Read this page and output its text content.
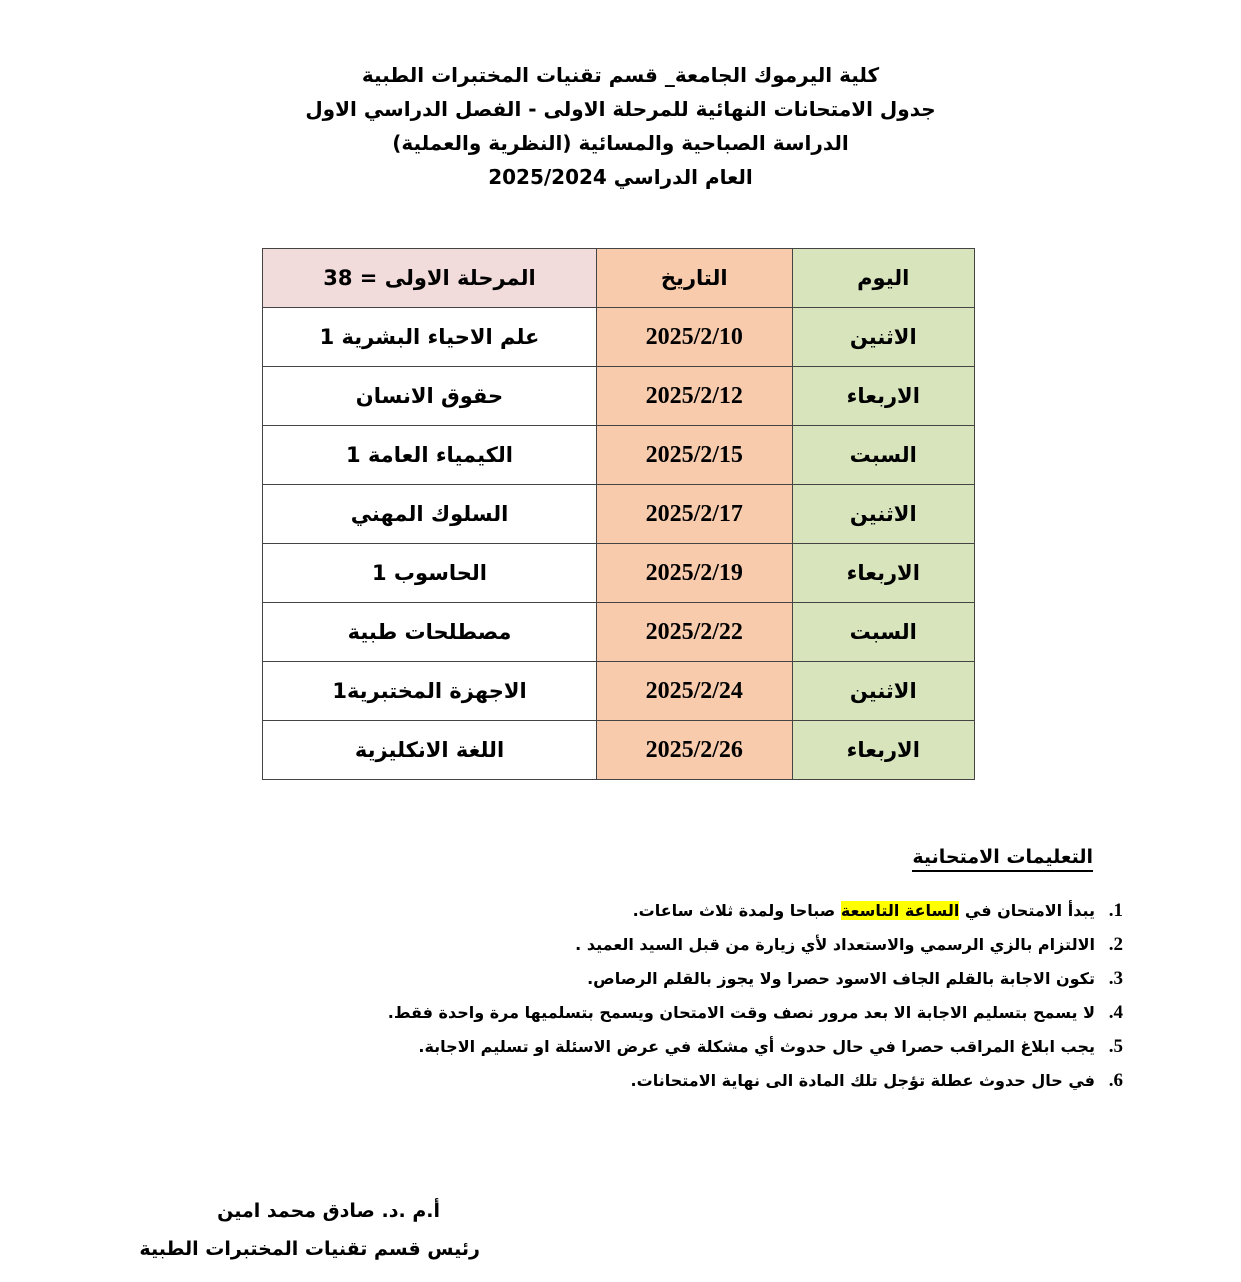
كلية اليرموك الجامعة_ قسم تقنيات المختبرات الطبية
جدول الامتحانات النهائية للمرحلة الاولى - الفصل الدراسي الاول
الدراسة الصباحية والمسائية (النظرية والعملية)
العام الدراسي 2025/2024
اليوم	التاريخ	المرحلة الاولى = 38
الاثنين	2025/2/10	علم الاحياء البشرية 1
الاربعاء	2025/2/12	حقوق الانسان
السبت	2025/2/15	الكيمياء العامة 1
الاثنين	2025/2/17	السلوك المهني
الاربعاء	2025/2/19	الحاسوب 1
السبت	2025/2/22	مصطلحات طبية
الاثنين	2025/2/24	الاجهزة المختبرية1
الاربعاء	2025/2/26	اللغة الانكليزية
التعليمات الامتحانية
1.يبدأ الامتحان في الساعة التاسعة صباحا ولمدة ثلاث ساعات.
2.الالتزام بالزي الرسمي والاستعداد لأي زيارة من قبل السيد العميد .
3.تكون الاجابة بالقلم الجاف الاسود حصرا ولا يجوز بالقلم الرصاص.
4.لا يسمح بتسليم الاجابة الا بعد مرور نصف وقت الامتحان ويسمح بتسلميها مرة واحدة فقط.
5.يجب ابلاغ المراقب حصرا في حال حدوث أي مشكلة في عرض الاسئلة او تسليم الاجابة.
6.في حال حدوث عطلة تؤجل تلك المادة الى نهاية الامتحانات.
أ.م .د. صادق محمد امين
رئيس قسم تقنيات المختبرات الطبية
